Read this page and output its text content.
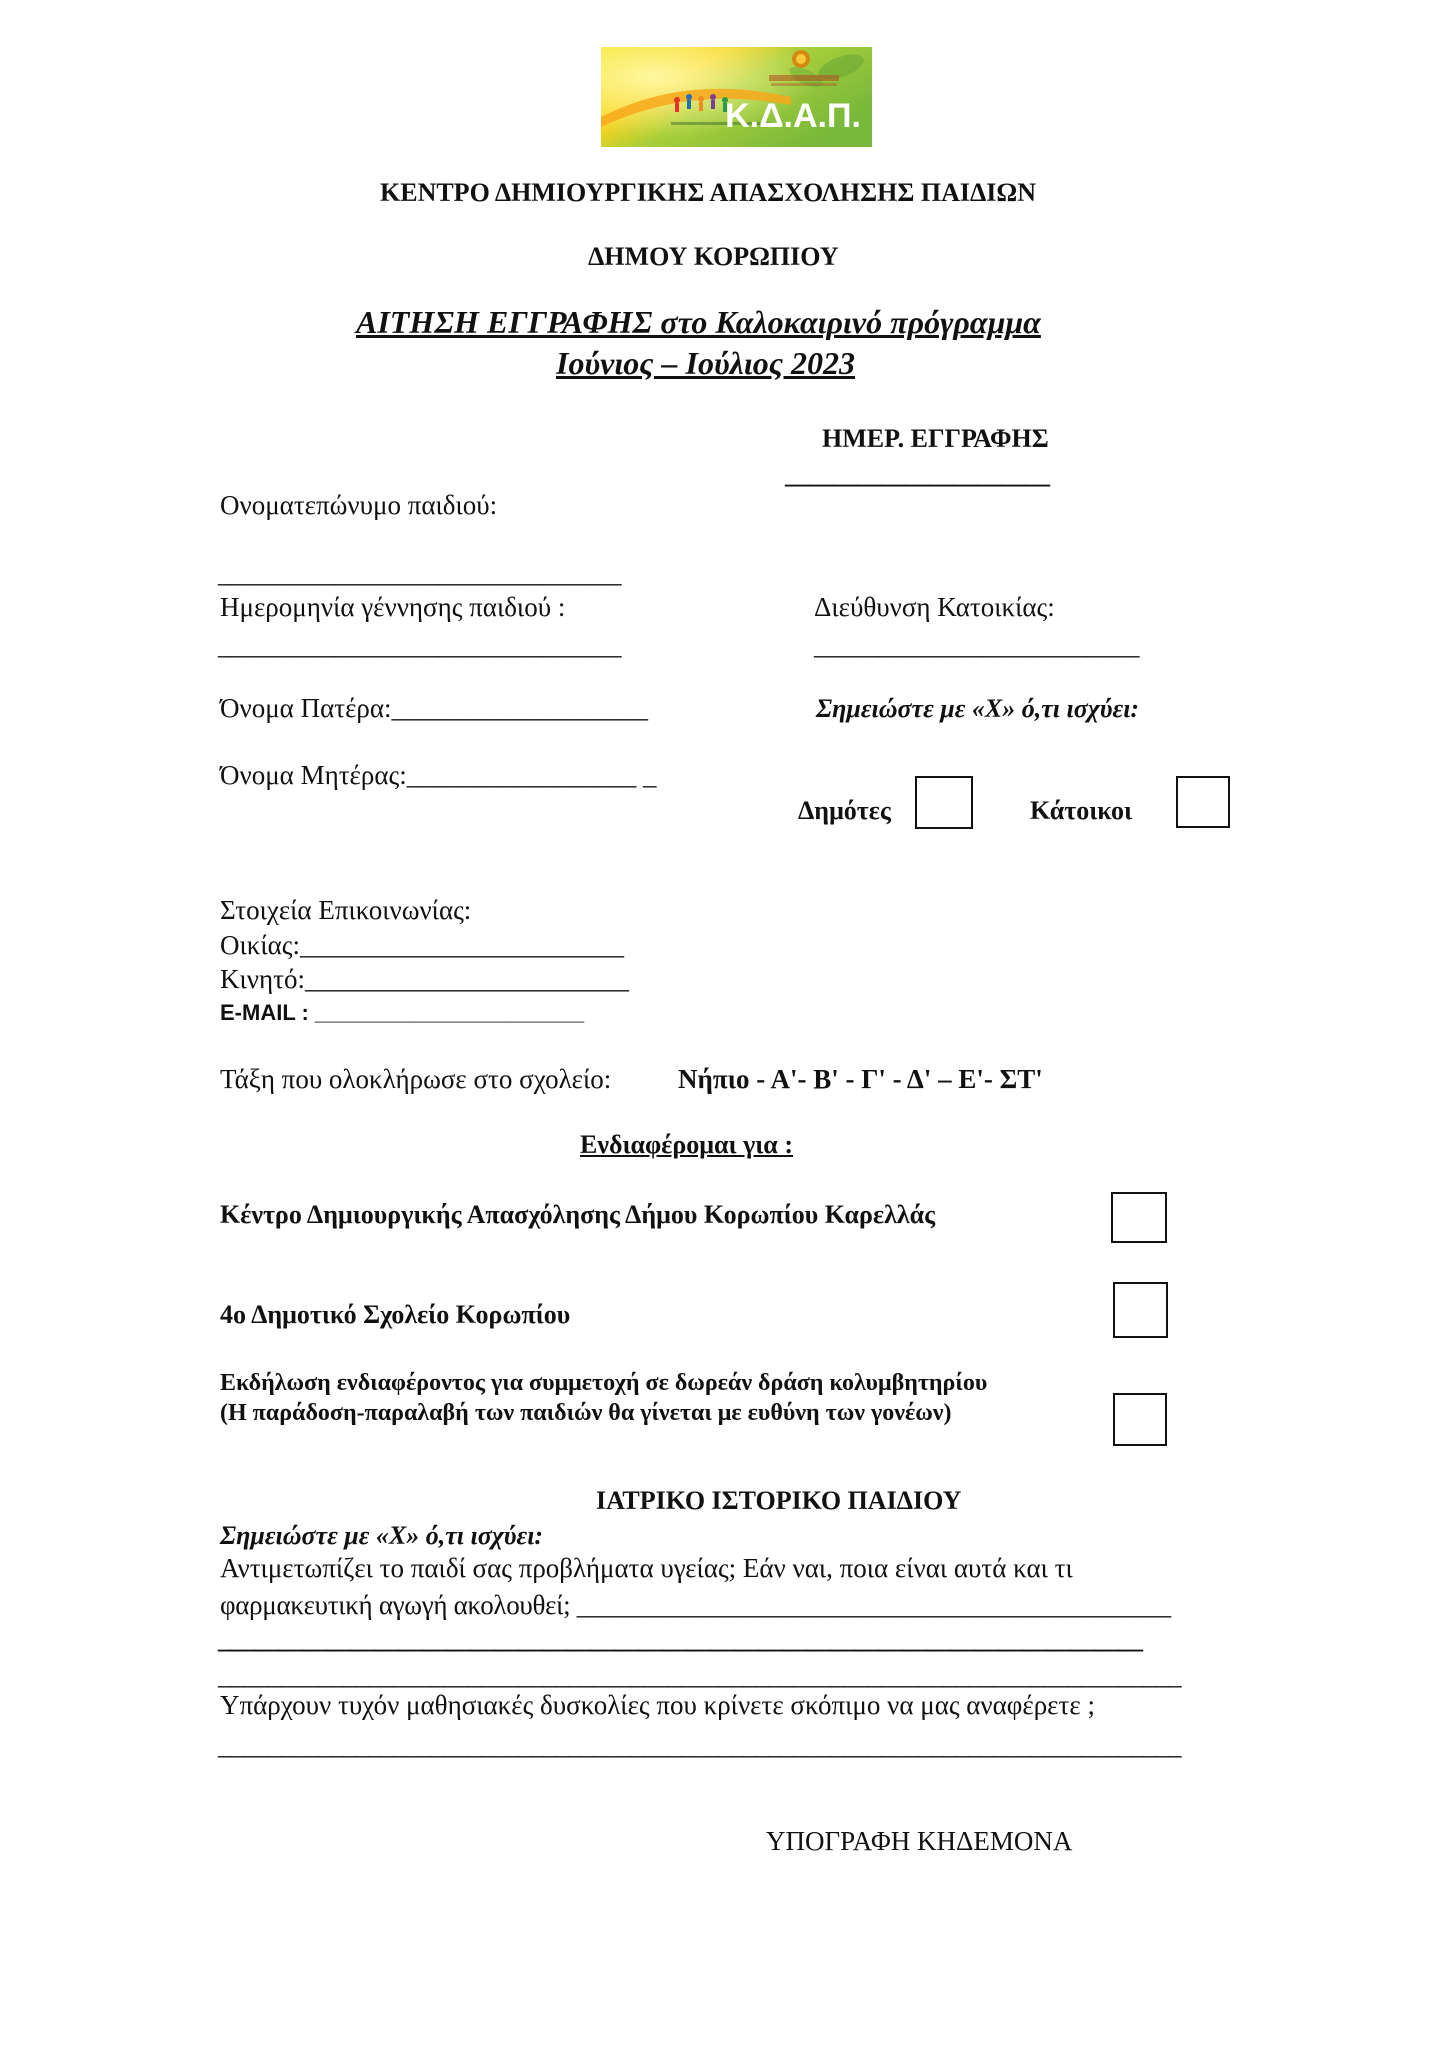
Κ.Δ.Α.Π.
ΚΕΝΤΡΟ ΔΗΜΙΟΥΡΓΙΚΗΣ ΑΠΑΣΧΟΛΗΣΗΣ ΠΑΙΔΙΩΝ
ΔΗΜΟΥ ΚΟΡΩΠΙΟΥ
ΑΙΤΗΣΗ ΕΓΓΡΑΦΗΣ στο Καλοκαιρινό πρόγραμμα
Ιούνιος – Ιούλιος 2023
ΗΜΕΡ. ΕΓΓΡΑΦΗΣ
______________________
Ονοματεπώνυμο παιδιού:
_______________________________
Ημερομηνία γέννησης παιδιού :
_______________________________
Διεύθυνση Κατοικίας:
_________________________
Όνομα Πατέρα:___________________
Όνομα Μητέρας:_________________ _
Σημειώστε με «Χ» ό,τι ισχύει:
Δημότες	Κάτοικοι
Στοιχεία Επικοινωνίας:
Οικίας:________________________
Κινητό:________________________
E-MAIL : ______________________
Τάξη που ολοκλήρωσε στο σχολείο: Νήπιο - Α'- Β' - Γ' - Δ' – Ε'- ΣΤ'
Ενδιαφέρομαι για :
Κέντρο Δημιουργικής Απασχόλησης Δήμου Κορωπίου Καρελλάς
4ο Δημοτικό Σχολείο Κορωπίου
Εκδήλωση ενδιαφέροντος για συμμετοχή σε δωρεάν δράση κολυμβητηρίου
(Η παράδοση-παραλαβή των παιδιών θα γίνεται με ευθύνη των γονέων)
ΙΑΤΡΙΚΟ ΙΣΤΟΡΙΚΟ ΠΑΙΔΙΟΥ
Σημειώστε με «Χ» ό,τι ισχύει:
Αντιμετωπίζει το παιδί σας προβλήματα υγείας; Εάν ναι, ποια είναι αυτά και τι
φαρμακευτική αγωγή ακολουθεί; _____________________________________________
_____________________________________________________________________________
_____________________________________________________________________________
Υπάρχουν τυχόν μαθησιακές δυσκολίες που κρίνετε σκόπιμο να μας αναφέρετε ;
_____________________________________________________________________________
ΥΠΟΓΡΑΦΗ ΚΗΔΕΜΟΝΑ
